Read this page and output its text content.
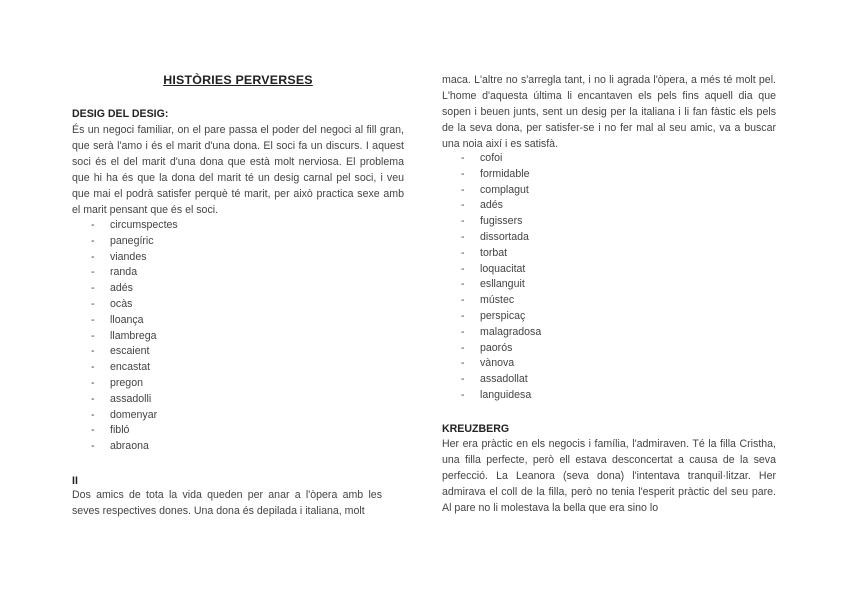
HISTÒRIES PERVERSES
DESIG DEL DESIG:

És un negoci familiar, on el pare passa el poder del negoci al fill gran, que serà l'amo i és el marit d'una dona. El soci fa un discurs. I aquest soci és el del marit d'una dona que està molt nerviosa. El problema que hi ha és que la dona del marit té un desig carnal pel soci, i veu que mai el podrà satisfer perquè té marit, per això practica sexe amb el marit pensant que és el soci.

- circumspectes
- panegíric
- viandes
- randa
- adés
- ocàs
- lloança
- llambrega
- escaient
- encastat
- pregon
- assadolli
- domenyar
- fibló
- abraona
II

Dos amics de tota la vida queden per anar a l'òpera amb les seves respectives dones. Una dona és depilada i italiana, molt

maca. L'altre no s'arregla tant, i no li agrada l'òpera, a més té molt pel. L'home d'aquesta última li encantaven els pels fins aquell dia que sopen i beuen junts, sent un desig per la italiana i li fan fàstic els pels de la seva dona, per satisfer-se i no fer mal al seu amic, va a buscar una noia així i es satisfà.

- cofoi
- formidable
- complagut
- adés
- fugissers
- dissortada
- torbat
- loquacitat
- esllanguit
- mústec
- perspicaç
- malagradosa
- paorós
- vànova
- assadollat
- languidesa
KREUZBERG

Her era pràctic en els negocis i família, l'admiraven. Té la filla Cristha, una filla perfecte, però ell estava desconcertat a causa de la seva perfecció. La Leanora (seva dona) l'intentava tranquil·litzar. Her admirava el coll de la filla, però no tenia l'esperit pràctic del seu pare. Al pare no li molestava la bella que era sino lo
